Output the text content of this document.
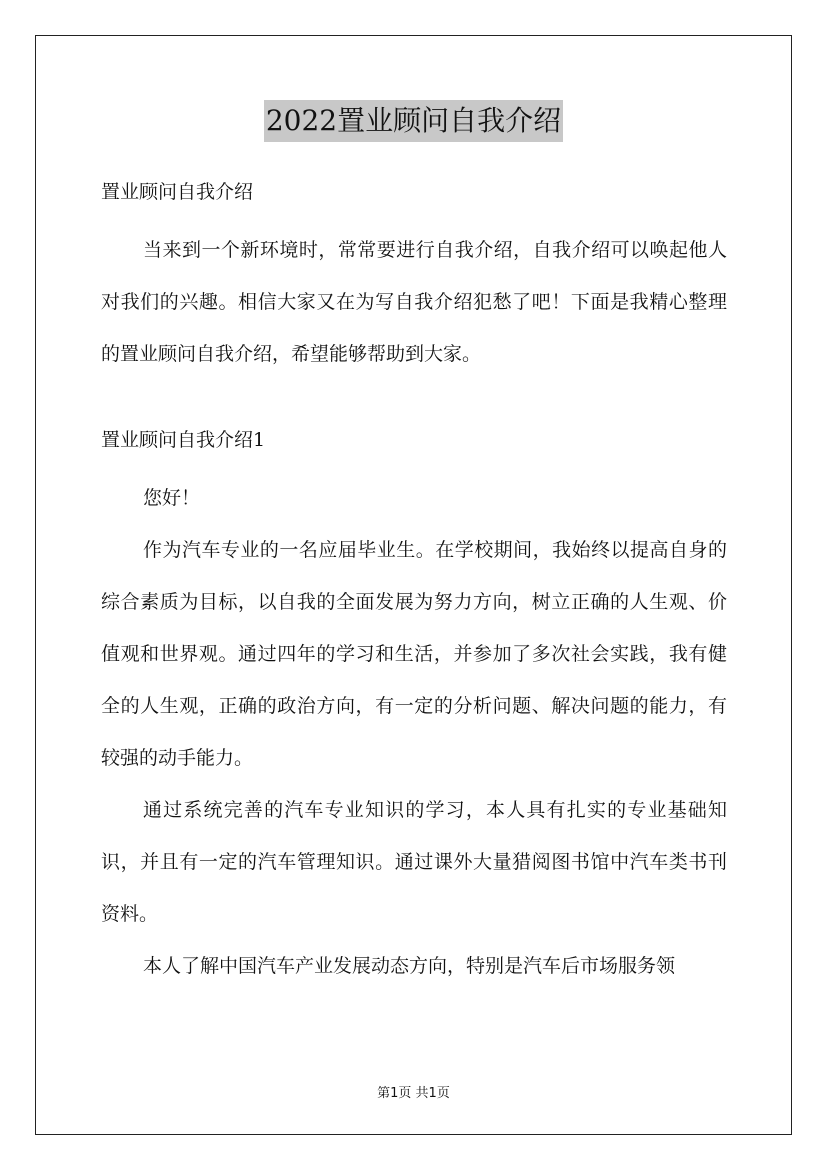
2022置业顾问自我介绍

置业顾问自我介绍

当来到一个新环境时，常常要进行自我介绍，自我介绍可以唤起他人对我们的兴趣。相信大家又在为写自我介绍犯愁了吧！下面是我精心整理的置业顾问自我介绍，希望能够帮助到大家。

置业顾问自我介绍1

您好！

作为汽车专业的一名应届毕业生。在学校期间，我始终以提高自身的综合素质为目标，以自我的全面发展为努力方向，树立正确的人生观、价值观和世界观。通过四年的学习和生活，并参加了多次社会实践，我有健全的人生观，正确的政治方向，有一定的分析问题、解决问题的能力，有较强的动手能力。

通过系统完善的汽车专业知识的学习，本人具有扎实的专业基础知识，并且有一定的汽车管理知识。通过课外大量猎阅图书馆中汽车类书刊资料。

本人了解中国汽车产业发展动态方向，特别是汽车后市场服务领

第1页 共1页
